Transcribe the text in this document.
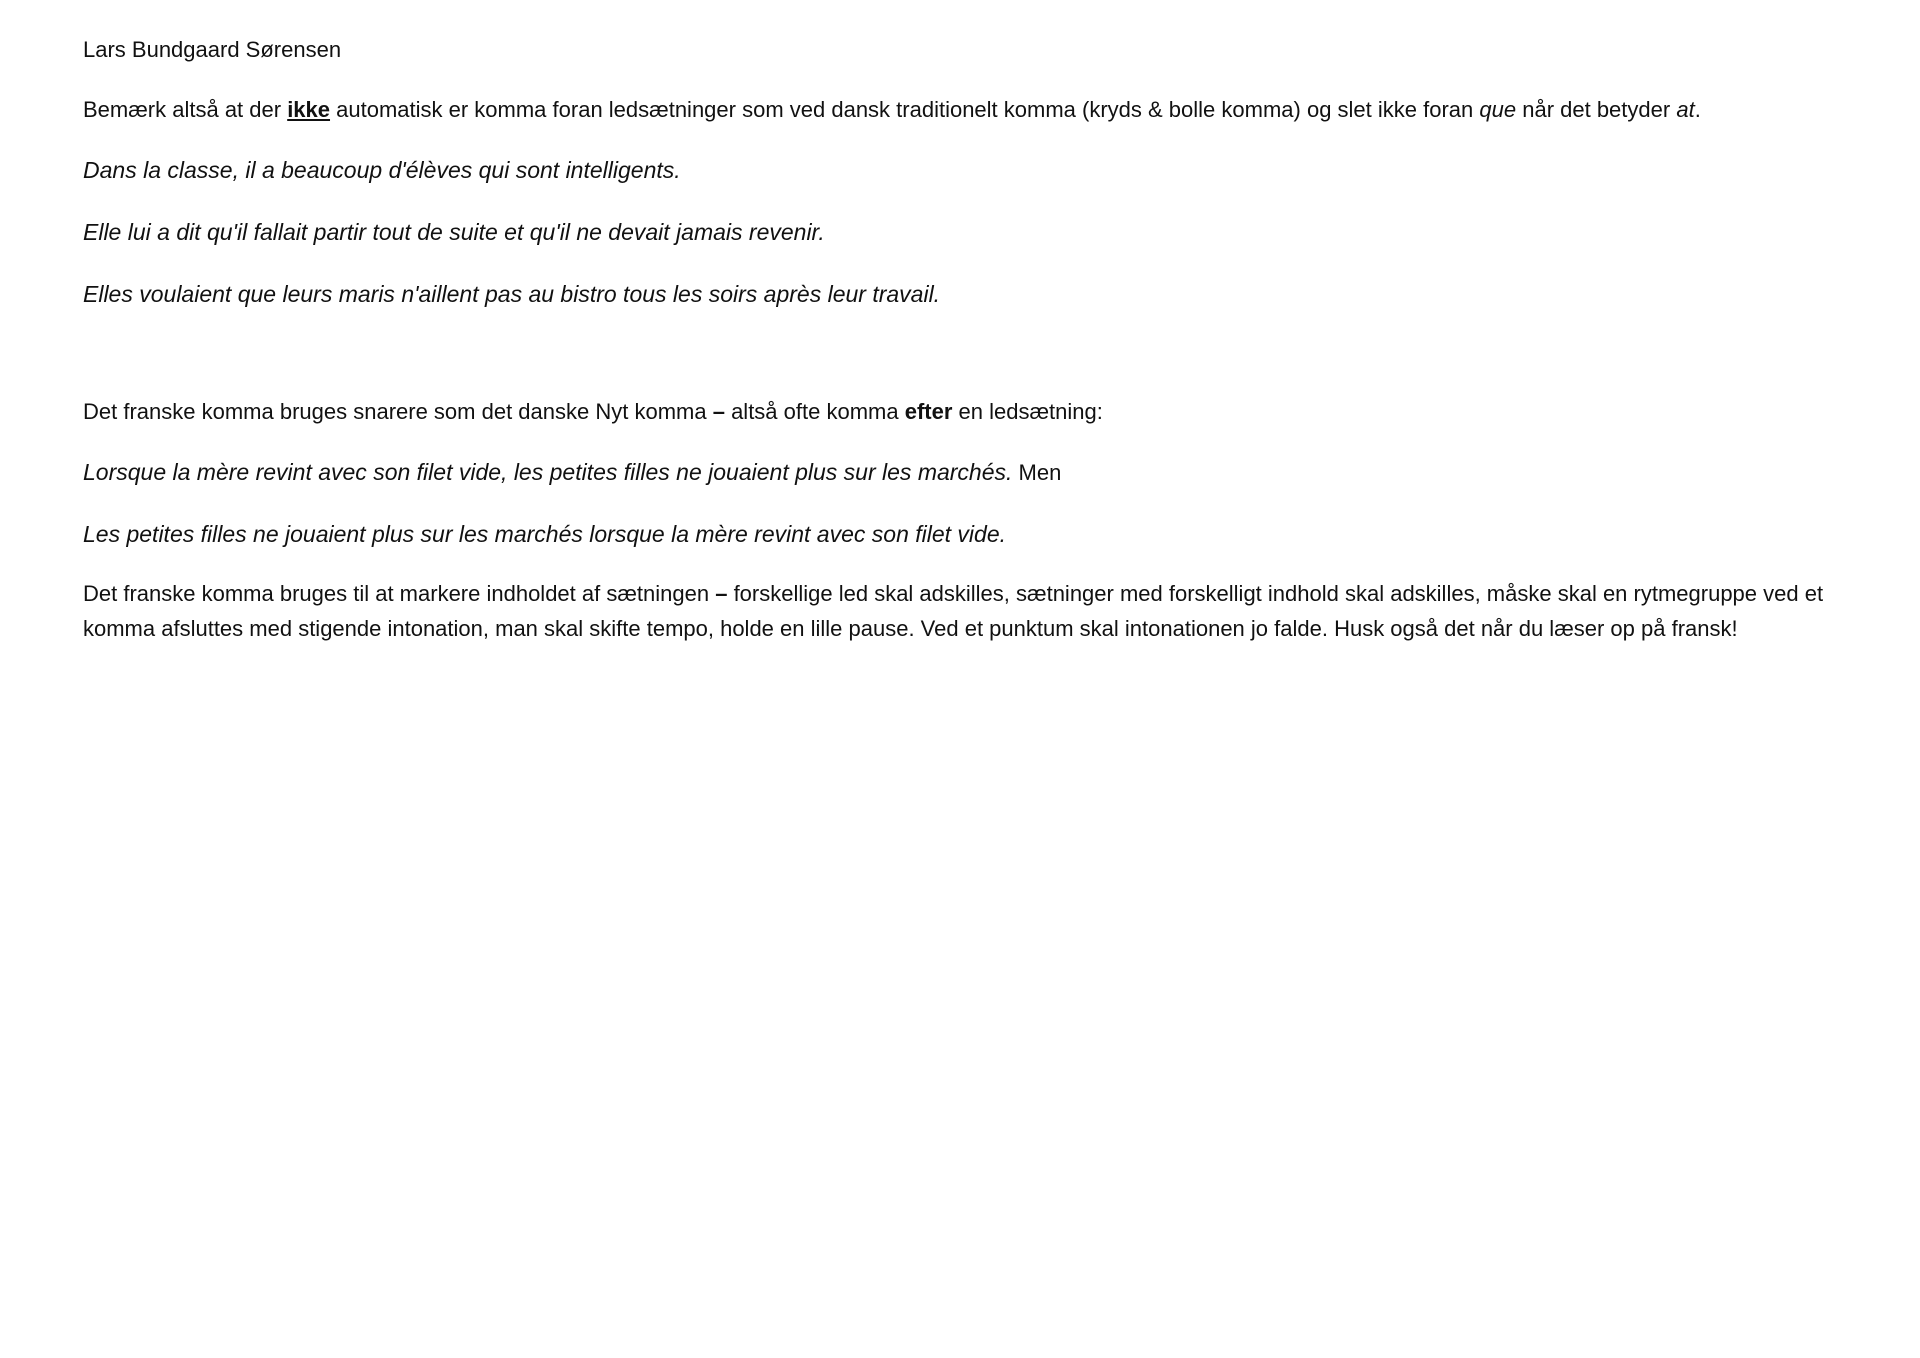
Lars Bundgaard Sørensen
Bemærk altså at der ikke automatisk er komma foran ledsætninger som ved dansk traditionelt komma (kryds & bolle komma) og slet ikke foran que når det betyder at.
Dans la classe, il a beaucoup d'élèves qui sont intelligents.
Elle lui a dit qu'il fallait partir tout de suite et qu'il ne devait jamais revenir.
Elles voulaient que leurs maris n'aillent pas au bistro tous les soirs après leur travail.
Det franske komma bruges snarere som det danske Nyt komma – altså ofte komma efter en ledsætning:
Lorsque la mère revint avec son filet vide, les petites filles ne jouaient plus sur les marchés. Men
Les petites filles ne jouaient plus sur les marchés lorsque la mère revint avec son filet vide.
Det franske komma bruges til at markere indholdet af sætningen – forskellige led skal adskilles, sætninger med forskelligt indhold skal adskilles, måske skal en rytmegruppe ved et komma afsluttes med stigende intonation, man skal skifte tempo, holde en lille pause. Ved et punktum skal intonationen jo falde. Husk også det når du læser op på fransk!
